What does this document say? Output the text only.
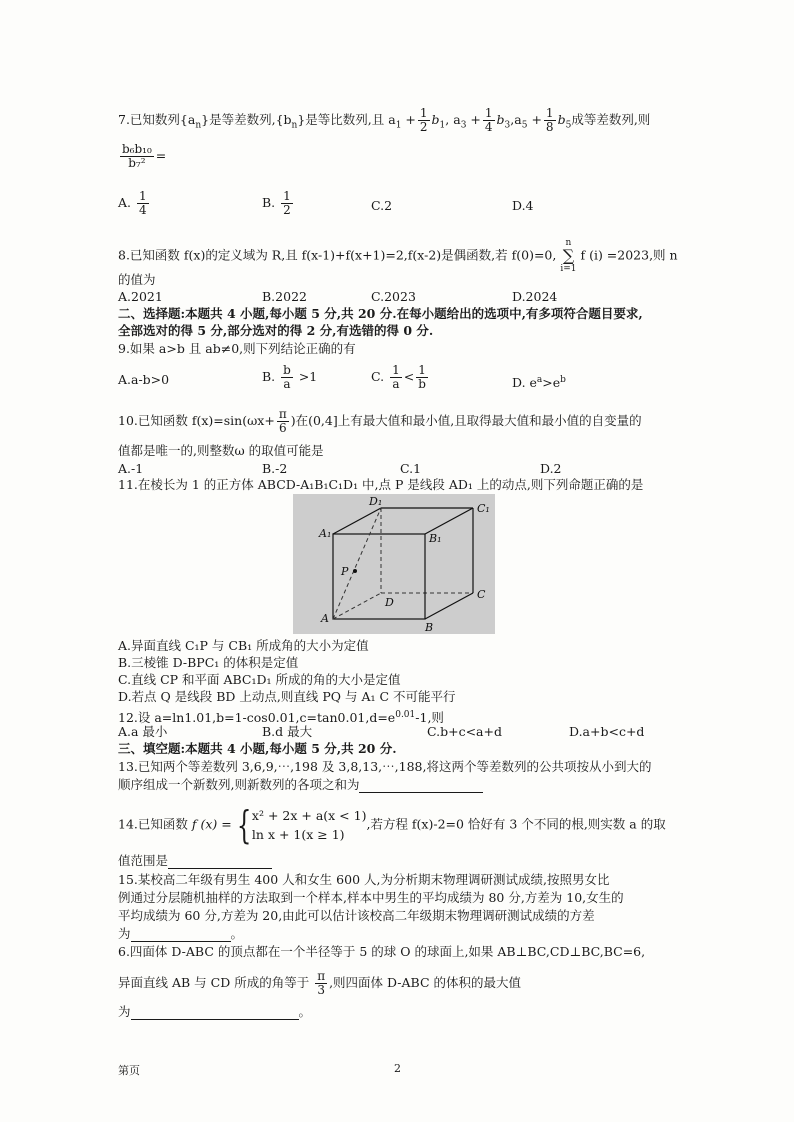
7.已知数列$\{a_n\}$是等差数列$,\{b_n\}$是等比数列,且 $a_1 + \frac{1}{2} b_1$, $a_3 + \frac{1}{4} b_3,a_5 + \frac{1}{8} b_5$成等差数列,则
$\frac{\text{b₆b₁₀}}{\text{b₇²}}$ =
A. $\frac{1}{4}$	B. $\frac{1}{2}$	C.2	D.4
8.已知函数 f(x)的定义域为 R,且 f(x-1)+f(x+1)=2,f(x-2)是偶函数,若 f(0)=0,
n
∑
i=1
f (i) =2023,则 n
的值为
A.2021	B.2022	C.2023	D.2024
二、选择题:本题共 4 小题,每小题 5 分,共 20 分.在每小题给出的选项中,有多项符合题目要求,
全部选对的得 5 分,部分选对的得 2 分,有选错的得 0 分.
9.如果 a>b 且 ab≠0,则下列结论正确的有
A.a-b>0	B. $\frac{b}{a} >1$	C. $\frac{1}{a} < \frac{1}{b}$	D. $e^a>e^b$
10.已知函数 $f(x)=\sin(\omega x+ \frac{\pi}{6}$ )在(0,4]上有最大值和最小值,且取得最大值和最小值的自变量的
值都是唯一的,则整数ω 的取值可能是
A.-1	B.-2	C.1	D.2
11.在棱长为 1 的正方体 ABCD-A₁B₁C₁D₁ 中,点 P 是线段 AD₁ 上的动点,则下列命题正确的是
D₁
C₁
A₁	B₁
P
D
C
A
B
A.异面直线 C₁P 与 CB₁ 所成角的大小为定值
B.三棱锥 D-BPC₁ 的体积是定值
C.直线 CP 和平面 ABC₁D₁ 所成的角的大小是定值
D.若点 Q 是线段 BD 上动点,则直线 PQ 与 A₁ C 不可能平行
12.设 $a=\ln 1.01,b=1-\cos 0.01,c=\tan 0.01,d=e^{0.01}-1$,则
A.a 最小	B.d 最大	C.b+c<a+d	D.a+b<c+d
三、填空题:本题共 4 小题,每小题 5 分,共 20 分.
13.已知两个等差数列 3,6,9,⋯,198 及 3,8,13,⋯,188,将这两个等差数列的公共项按从小到大的
顺序组成一个新数列,则新数列的各项之和为
14.已知函数 f (x) = { x² + 2x + a(x < 1)
ln x + 1(x ≥ 1)
,若方程 f(x)-2=0 恰好有 3 个不同的根,则实数 a 的取
值范围是
15.某校高二年级有男生 400 人和女生 600 人,为分析期末物理调研测试成绩,按照男女比
例通过分层随机抽样的方法取到一个样本,样本中男生的平均成绩为 80 分,方差为 10,女生的
平均成绩为 60 分,方差为 20,由此可以估计该校高二年级期末物理调研测试成绩的方差
为	。
6.四面体 D-ABC 的顶点都在一个半径等于 5 的球 O 的球面上,如果 AB⊥BC,CD⊥BC,BC=6,
异面直线 AB 与 CD 所成的角等于 $\frac{\pi}{3}$ ,则四面体 D-ABC 的体积的最大值
为	。
第页	2
